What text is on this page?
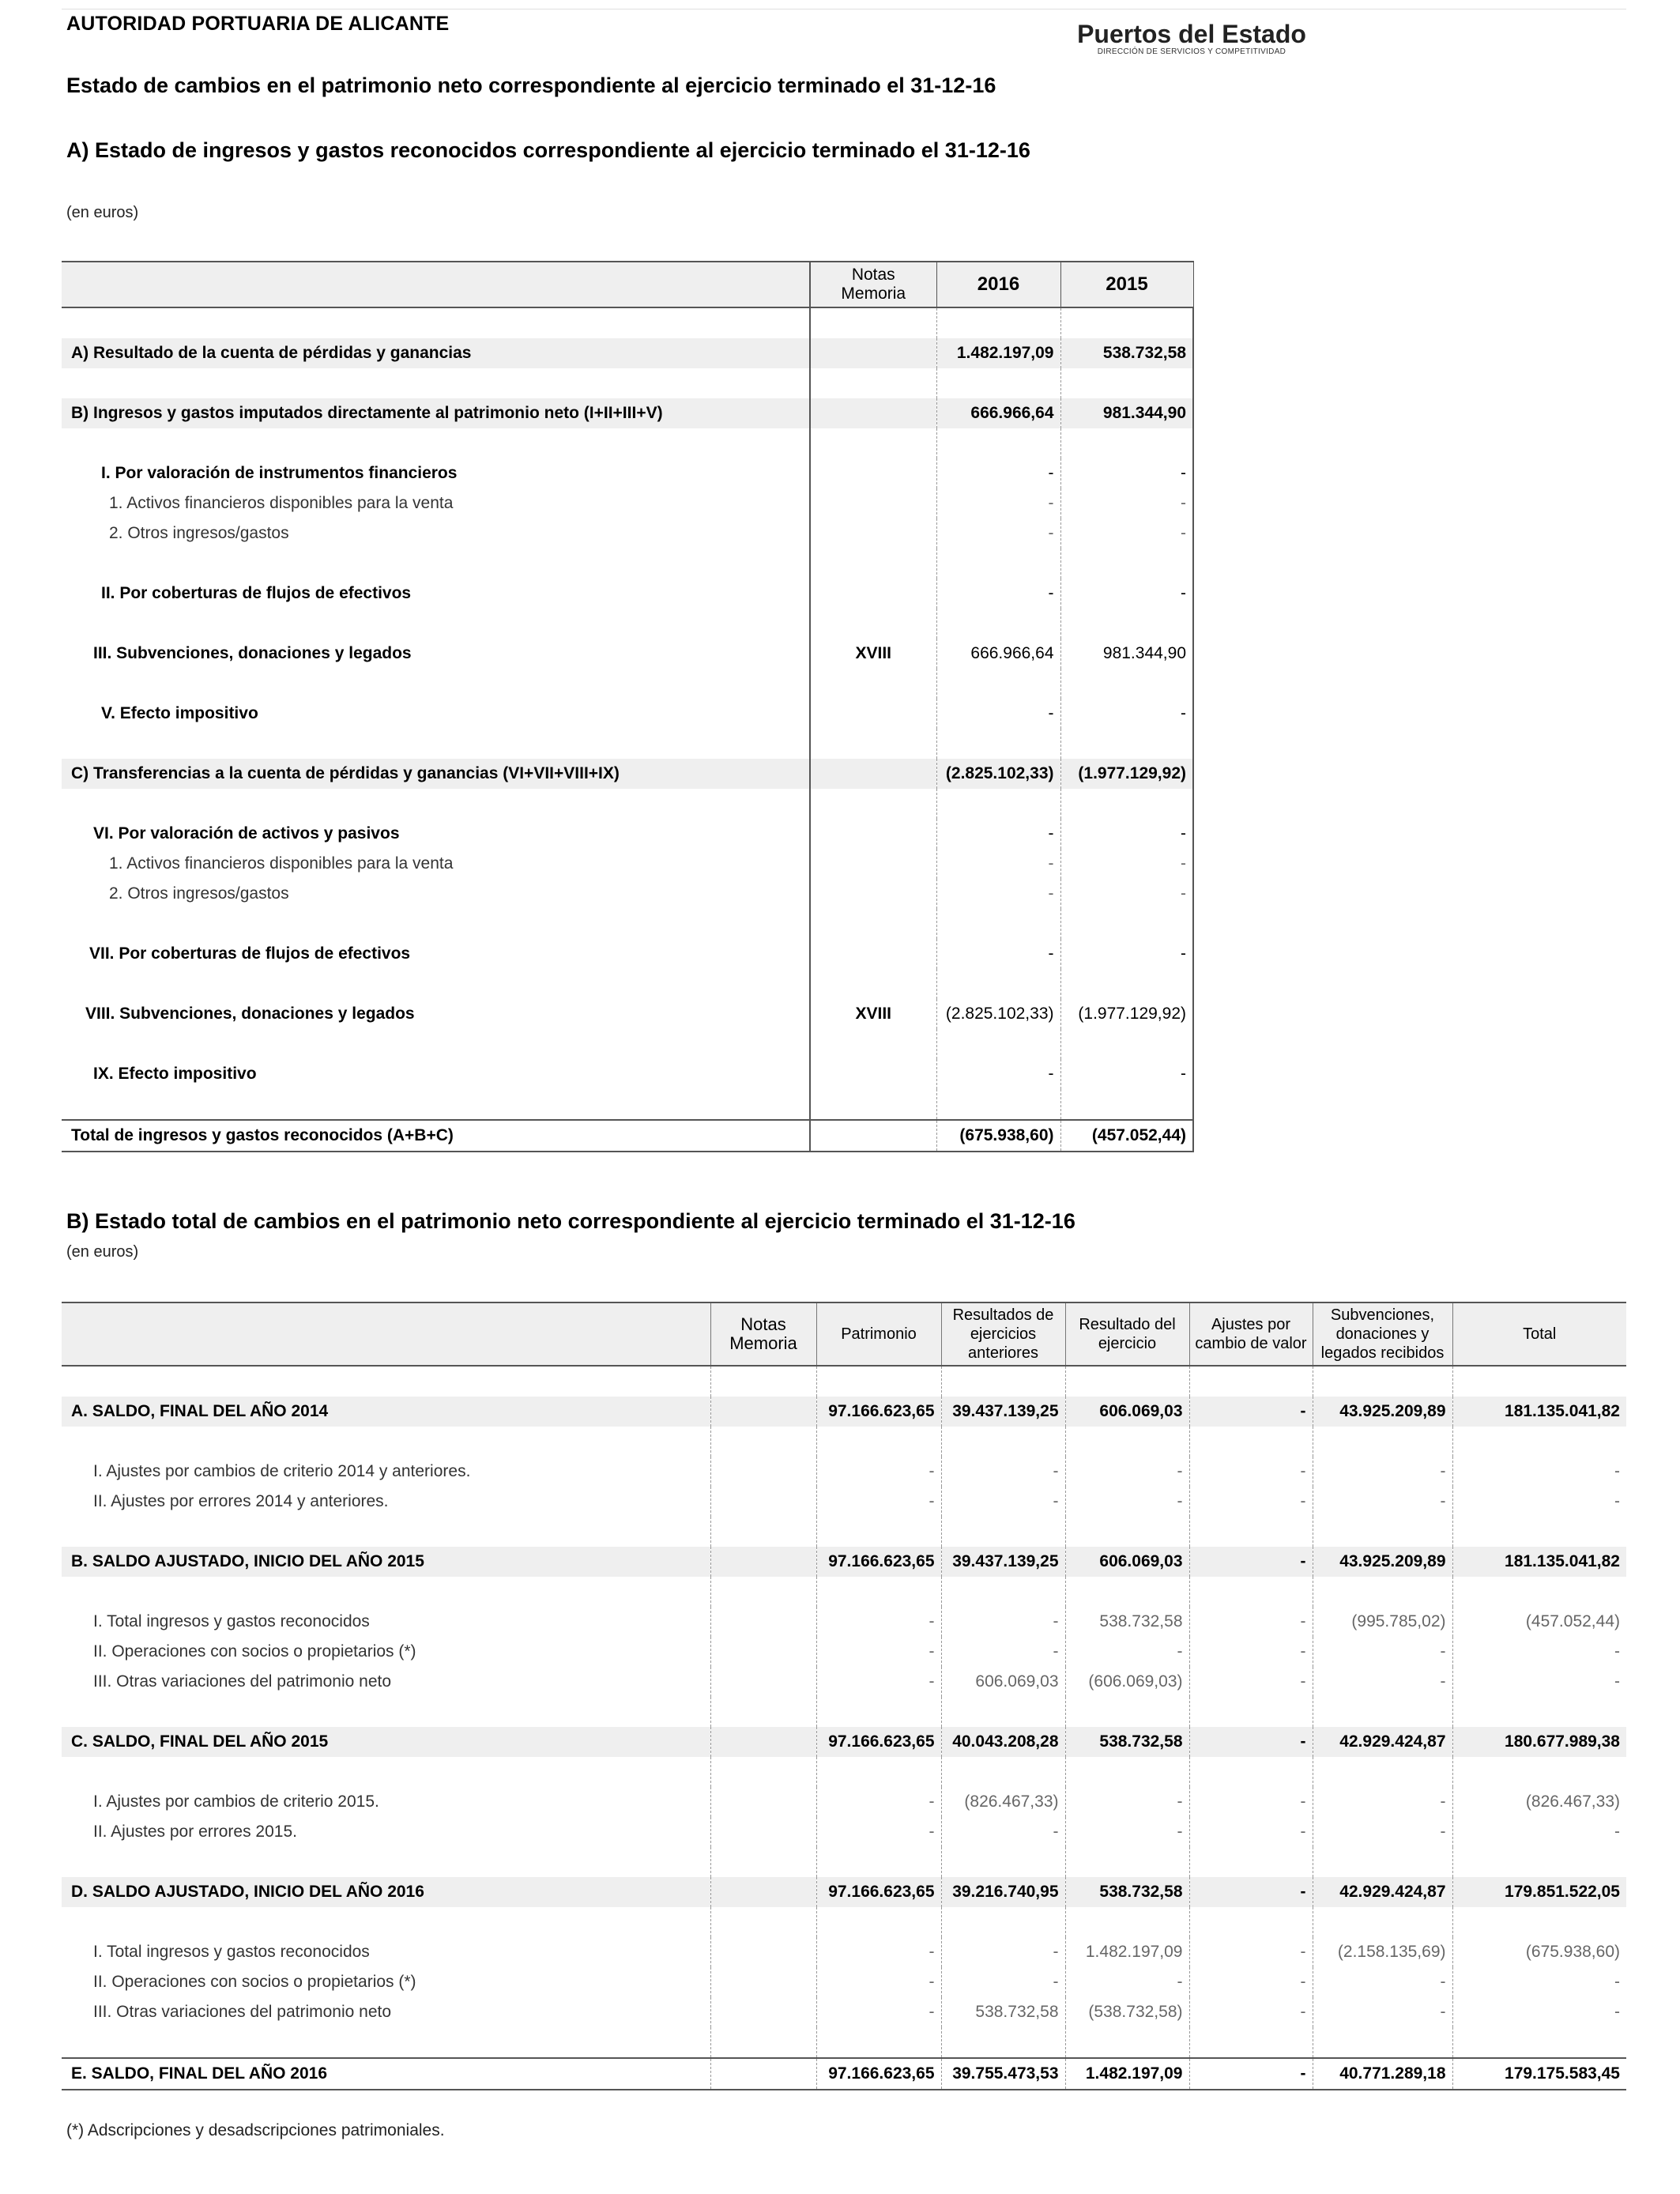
AUTORIDAD PORTUARIA DE ALICANTE	Puertos del Estado
DIRECCIÓN DE SERVICIOS Y COMPETITIVIDAD
Estado de cambios en el patrimonio neto correspondiente al ejercicio terminado el 31-12-16
A) Estado de ingresos y gastos reconocidos correspondiente al ejercicio terminado el 31-12-16
(en euros)

	Notas Memoria	2016	2015

A) Resultado de la cuenta de pérdidas y ganancias		1.482.197,09	538.732,58

B) Ingresos y gastos imputados directamente al patrimonio neto (I+II+III+V)		666.966,64	981.344,90

I. Por valoración de instrumentos financieros		-	-
1. Activos financieros disponibles para la venta		-	-
2. Otros ingresos/gastos		-	-

II. Por coberturas de flujos de efectivos		-	-

III. Subvenciones, donaciones y legados	XVIII	666.966,64	981.344,90

V. Efecto impositivo		-	-

C) Transferencias a la cuenta de pérdidas y ganancias (VI+VII+VIII+IX)		(2.825.102,33)	(1.977.129,92)

VI. Por valoración de activos y pasivos		-	-
1. Activos financieros disponibles para la venta		-	-
2. Otros ingresos/gastos		-	-

VII. Por coberturas de flujos de efectivos		-	-

VIII. Subvenciones, donaciones y legados	XVIII	(2.825.102,33)	(1.977.129,92)

IX. Efecto impositivo		-	-

Total de ingresos y gastos reconocidos (A+B+C)		(675.938,60)	(457.052,44)
B) Estado total de cambios en el patrimonio neto correspondiente al ejercicio terminado el 31-12-16
(en euros)
	Notas Memoria	Patrimonio	Resultados de ejercicios anteriores	Resultado del ejercicio	Ajustes por cambio de valor	Subvenciones, donaciones y legados recibidos	Total

A. SALDO, FINAL DEL AÑO 2014		97.166.623,65	39.437.139,25	606.069,03	-	43.925.209,89	181.135.041,82

I. Ajustes por cambios de criterio 2014 y anteriores.		-	-	-	-	-	-
II. Ajustes por errores 2014 y anteriores.		-	-	-	-	-	-

B. SALDO AJUSTADO, INICIO DEL AÑO 2015		97.166.623,65	39.437.139,25	606.069,03	-	43.925.209,89	181.135.041,82

I. Total ingresos y gastos reconocidos		-	-	538.732,58	-	(995.785,02)	(457.052,44)
II. Operaciones con socios o propietarios (*)		-	-	-	-	-	-
III. Otras variaciones del patrimonio neto		-	606.069,03	(606.069,03)	-	-	-

C. SALDO, FINAL DEL AÑO 2015		97.166.623,65	40.043.208,28	538.732,58	-	42.929.424,87	180.677.989,38

I. Ajustes por cambios de criterio 2015.		-	(826.467,33)	-	-	-	(826.467,33)
II. Ajustes por errores 2015.		-	-	-	-	-	-

D. SALDO AJUSTADO, INICIO DEL AÑO 2016		97.166.623,65	39.216.740,95	538.732,58	-	42.929.424,87	179.851.522,05

I. Total ingresos y gastos reconocidos		-	-	1.482.197,09	-	(2.158.135,69)	(675.938,60)
II. Operaciones con socios o propietarios (*)		-	-	-	-	-	-
III. Otras variaciones del patrimonio neto		-	538.732,58	(538.732,58)	-	-	-

E. SALDO, FINAL DEL AÑO 2016		97.166.623,65	39.755.473,53	1.482.197,09	-	40.771.289,18	179.175.583,45
(*) Adscripciones y desadscripciones patrimoniales.
